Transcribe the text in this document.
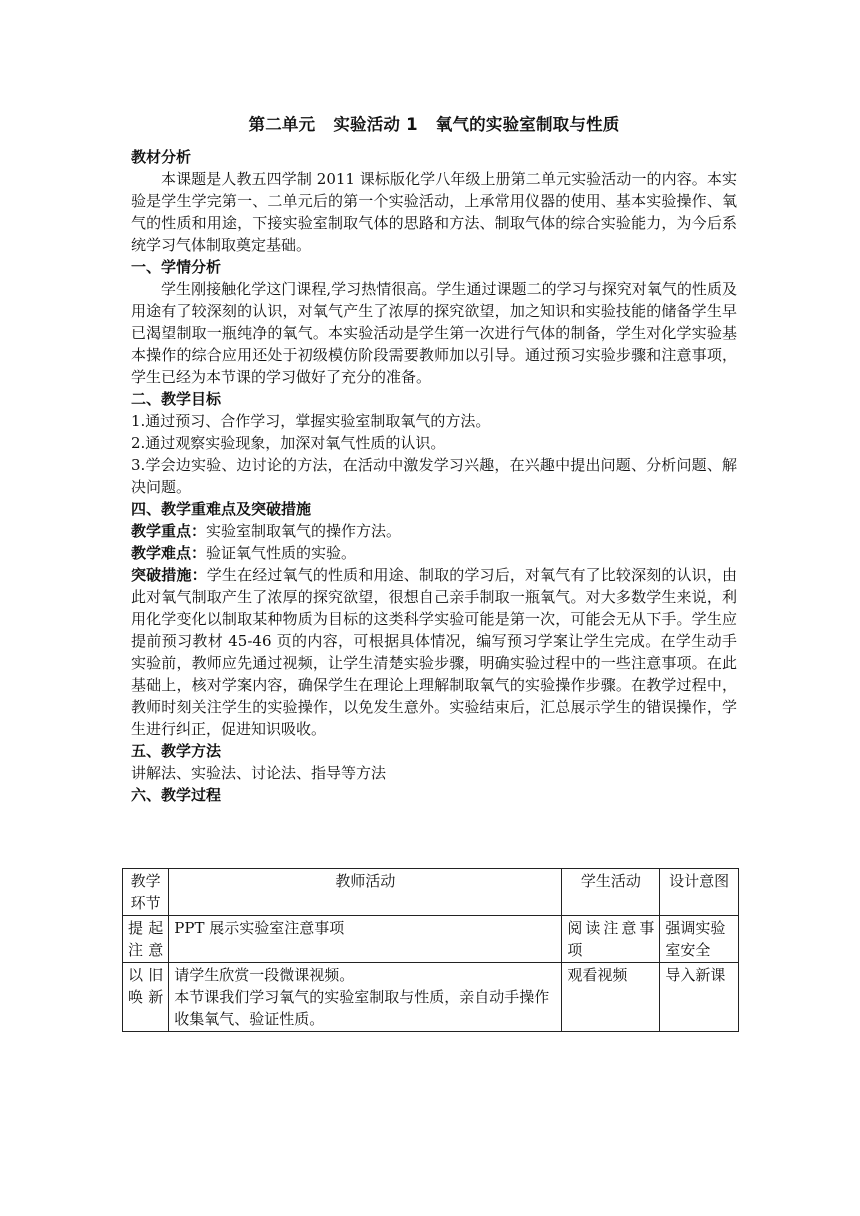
第二单元 实验活动 1 氧气的实验室制取与性质
教材分析
本课题是人教五四学制 2011 课标版化学八年级上册第二单元实验活动一的内容。本实验是学生学完第一、二单元后的第一个实验活动，上承常用仪器的使用、基本实验操作、氧气的性质和用途，下接实验室制取气体的思路和方法、制取气体的综合实验能力，为今后系统学习气体制取奠定基础。
一、学情分析
学生刚接触化学这门课程,学习热情很高。学生通过课题二的学习与探究对氧气的性质及用途有了较深刻的认识，对氧气产生了浓厚的探究欲望，加之知识和实验技能的储备学生早已渴望制取一瓶纯净的氧气。本实验活动是学生第一次进行气体的制备，学生对化学实验基本操作的综合应用还处于初级模仿阶段需要教师加以引导。通过预习实验步骤和注意事项，学生已经为本节课的学习做好了充分的准备。
二、教学目标
1.通过预习、合作学习，掌握实验室制取氧气的方法。
2.通过观察实验现象，加深对氧气性质的认识。
3.学会边实验、边讨论的方法，在活动中激发学习兴趣，在兴趣中提出问题、分析问题、解决问题。
四、教学重难点及突破措施
教学重点：实验室制取氧气的操作方法。
教学难点：验证氧气性质的实验。
突破措施：学生在经过氧气的性质和用途、制取的学习后，对氧气有了比较深刻的认识，由此对氧气制取产生了浓厚的探究欲望，很想自己亲手制取一瓶氧气。对大多数学生来说，利用化学变化以制取某种物质为目标的这类科学实验可能是第一次，可能会无从下手。学生应提前预习教材 45-46 页的内容，可根据具体情况，编写预习学案让学生完成。在学生动手实验前，教师应先通过视频，让学生清楚实验步骤，明确实验过程中的一些注意事项。在此基础上，核对学案内容，确保学生在理论上理解制取氧气的实验操作步骤。在教学过程中，教师时刻关注学生的实验操作，以免发生意外。实验结束后，汇总展示学生的错误操作，学生进行纠正，促进知识吸收。
五、教学方法
讲解法、实验法、讨论法、指导等方法
六、教学过程
教学环节	教师活动	学生活动	设计意图
提起注意	PPT 展示实验室注意事项	阅读注意事项	强调实验室安全
以旧唤新	请学生欣赏一段微课视频。
本节课我们学习氧气的实验室制取与性质，亲自动手操作收集氧气、验证性质。	观看视频	导入新课
